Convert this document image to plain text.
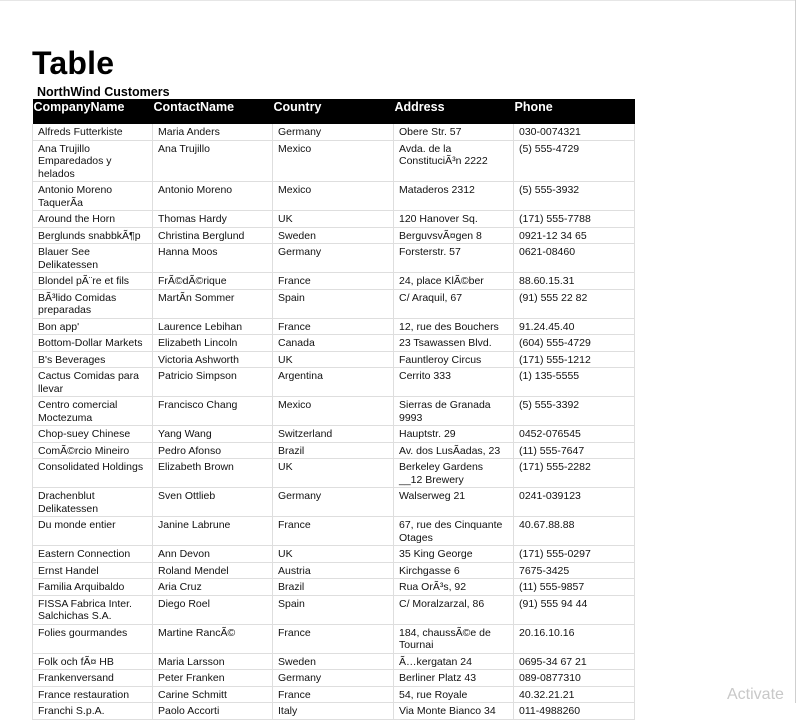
Table
NorthWind Customers
CompanyName	ContactName	Country	Address	Phone
Alfreds Futterkiste	Maria Anders	Germany	Obere Str. 57	030-0074321
Ana Trujillo Emparedados y helados	Ana Trujillo	Mexico	Avda. de la ConstituciÃ³n 2222	(5) 555-4729
Antonio Moreno TaquerÃa	Antonio Moreno	Mexico	Mataderos 2312	(5) 555-3932
Around the Horn	Thomas Hardy	UK	120 Hanover Sq.	(171) 555-7788
Berglunds snabbkÃ¶p	Christina Berglund	Sweden	BerguvsvÃ¤gen 8	0921-12 34 65
Blauer See Delikatessen	Hanna Moos	Germany	Forsterstr. 57	0621-08460
Blondel pÃ¨re et fils	FrÃ©dÃ©rique	France	24, place KlÃ©ber	88.60.15.31
BÃ³lido Comidas preparadas	MartÃn Sommer	Spain	C/ Araquil, 67	(91) 555 22 82
Bon app'	Laurence Lebihan	France	12, rue des Bouchers	91.24.45.40
Bottom-Dollar Markets	Elizabeth Lincoln	Canada	23 Tsawassen Blvd.	(604) 555-4729
B's Beverages	Victoria Ashworth	UK	Fauntleroy Circus	(171) 555-1212
Cactus Comidas para llevar	Patricio Simpson	Argentina	Cerrito 333	(1) 135-5555
Centro comercial Moctezuma	Francisco Chang	Mexico	Sierras de Granada 9993	(5) 555-3392
Chop-suey Chinese	Yang Wang	Switzerland	Hauptstr. 29	0452-076545
ComÃ©rcio Mineiro	Pedro Afonso	Brazil	Av. dos LusÃadas, 23	(11) 555-7647
Consolidated Holdings	Elizabeth Brown	UK	Berkeley Gardens __12 Brewery	(171) 555-2282
Drachenblut Delikatessen	Sven Ottlieb	Germany	Walserweg 21	0241-039123
Du monde entier	Janine Labrune	France	67, rue des Cinquante Otages	40.67.88.88
Eastern Connection	Ann Devon	UK	35 King George	(171) 555-0297
Ernst Handel	Roland Mendel	Austria	Kirchgasse 6	7675-3425
Familia Arquibaldo	Aria Cruz	Brazil	Rua OrÃ³s, 92	(11) 555-9857
FISSA Fabrica Inter. Salchichas S.A.	Diego Roel	Spain	C/ Moralzarzal, 86	(91) 555 94 44
Folies gourmandes	Martine RancÃ©	France	184, chaussÃ©e de Tournai	20.16.10.16
Folk och fÃ¤ HB	Maria Larsson	Sweden	Ã…kergatan 24	0695-34 67 21
Frankenversand	Peter Franken	Germany	Berliner Platz 43	089-0877310
France restauration	Carine Schmitt	France	54, rue Royale	40.32.21.21
Franchi S.p.A.	Paolo Accorti	Italy	Via Monte Bianco 34	011-4988260
Activate
